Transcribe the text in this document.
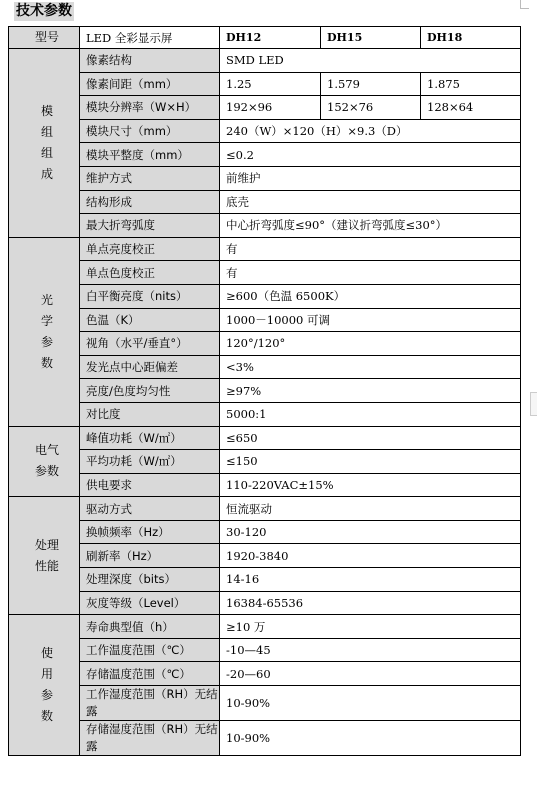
技术参数
型号	LED 全彩显示屏	DH12	DH15	DH18

模组组成	像素结构	SMD LED		
	像素间距（mm）	1.25	1.579	1.875
	模块分辨率（W×H）	192×96	152×76	128×64
	模块尺寸（mm）	240（W）×120（H）×9.3（D）		
	模块平整度（mm）	≤0.2		
	维护方式	前维护		
	结构形成	底壳		
	最大折弯弧度	中心折弯弧度≤90°（建议折弯弧度≤30°）		

光学参数	单点亮度校正	有		
	单点色度校正	有		
	白平衡亮度（nits）	≥600（色温 6500K）		
	色温（K）	1000－10000 可调		
	视角（水平/垂直°）	120°/120°		
	发光点中心距偏差	<3%		
	亮度/色度均匀性	≥97%		
	对比度	5000:1		

电气参数	峰值功耗（W/㎡）	≤650		
	平均功耗（W/㎡）	≤150		
	供电要求	110-220VAC±15%		

处理性能	驱动方式	恒流驱动		
	换帧频率（Hz）	30-120		
	刷新率（Hz）	1920-3840		
	处理深度（bits）	14-16		
	灰度等级（Level）	16384-65536		

使用参数	寿命典型值（h）	≥10 万		
	工作温度范围（℃）	-10—45		
	存储温度范围（℃）	-20—60		
	工作湿度范围（RH）无结露	10-90%		
	存储湿度范围（RH）无结露	10-90%		
